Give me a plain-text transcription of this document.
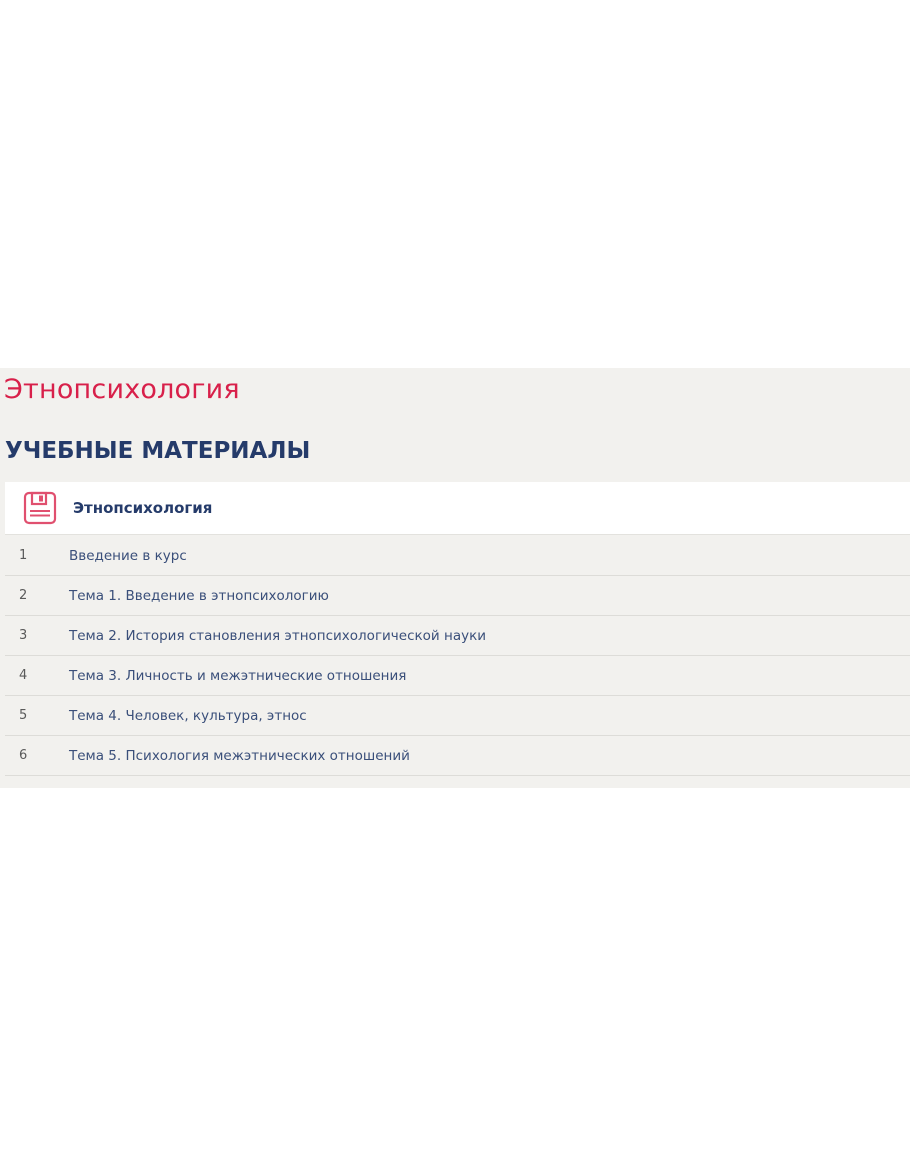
Этнопсихология
УЧЕБНЫЕ МАТЕРИАЛЫ
Этнопсихология
1	Введение в курс
2	Тема 1. Введение в этнопсихологию
3	Тема 2. История становления этнопсихологической науки
4	Тема 3. Личность и межэтнические отношения
5	Тема 4. Человек, культура, этнос
6	Тема 5. Психология межэтнических отношений
